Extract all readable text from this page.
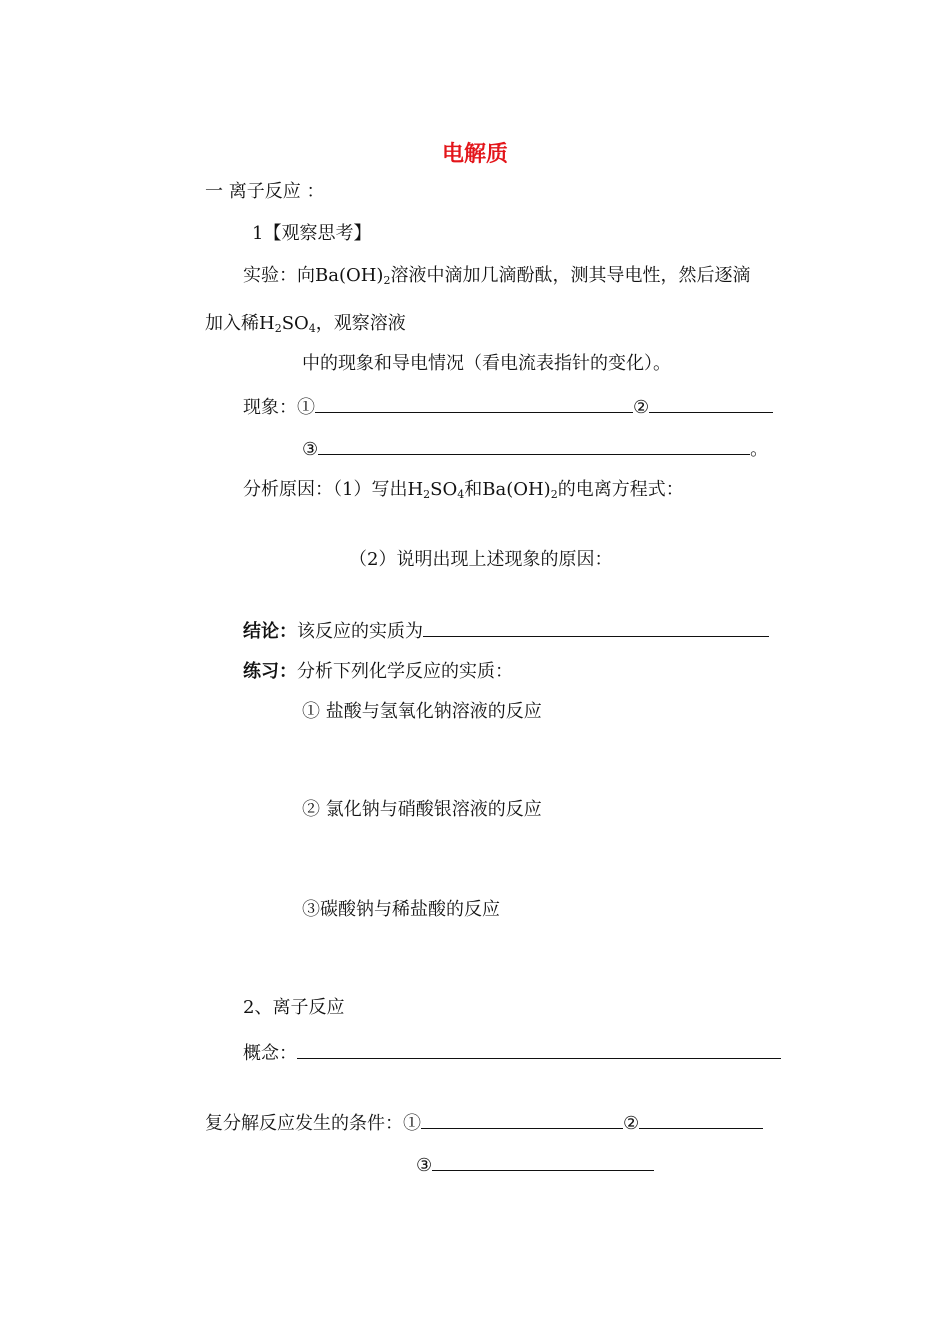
电解质
一 离子反应 ：
1【观察思考】
实验：向$Ba(OH)_2$溶液中滴加几滴酚酞，测其导电性，然后逐滴
加入稀$H_2SO_4$，观察溶液
中的现象和导电情况（看电流表指针的变化）。
现象：①	②
③	。
分析原因：（1）写出$H_2SO_4$和$Ba(OH)_2$的电离方程式：
（2）说明出现上述现象的原因：
结论：该反应的实质为
练习：分析下列化学反应的实质：
① 盐酸与氢氧化钠溶液的反应
② 氯化钠与硝酸银溶液的反应
③碳酸钠与稀盐酸的反应
2、离子反应
概念：
复分解反应发生的条件：①	②
③
